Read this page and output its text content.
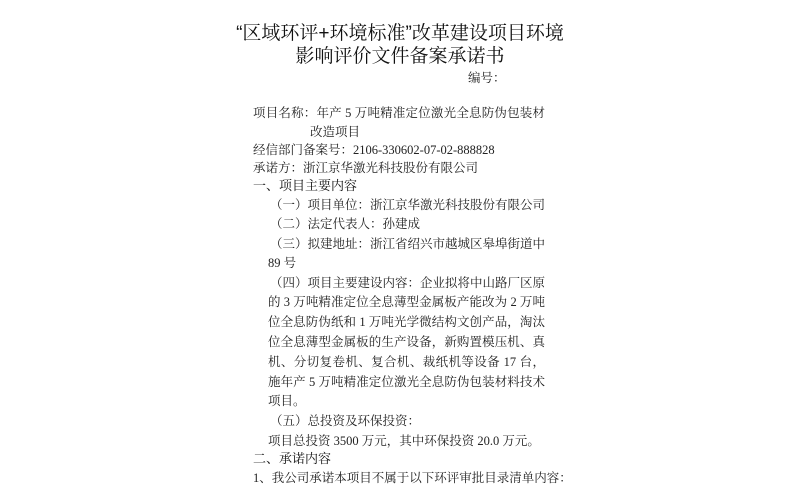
“区域环评+环境标准”改革建设项目环境
影响评价文件备案承诺书
编号：
项目名称：年产 5 万吨精准定位激光全息防伪包装材
改造项目
经信部门备案号：2106-330602-07-02-888828
承诺方：浙江京华激光科技股份有限公司
一、项目主要内容
（一）项目单位：浙江京华激光科技股份有限公司
（二）法定代表人：孙建成
（三）拟建地址：浙江省绍兴市越城区皋埠街道中
89 号
（四）项目主要建设内容：企业拟将中山路厂区原
的 3 万吨精准定位全息薄型金属板产能改为 2 万吨
位全息防伪纸和 1 万吨光学微结构文创产品，淘汰
位全息薄型金属板的生产设备，新购置模压机、真
机、分切复卷机、复合机、裁纸机等设备 17 台，
施年产 5 万吨精准定位激光全息防伪包装材料技术
项目。
（五）总投资及环保投资：
项目总投资 3500 万元，其中环保投资 20.0 万元。
二、承诺内容
1、我公司承诺本项目不属于以下环评审批目录清单内容：
